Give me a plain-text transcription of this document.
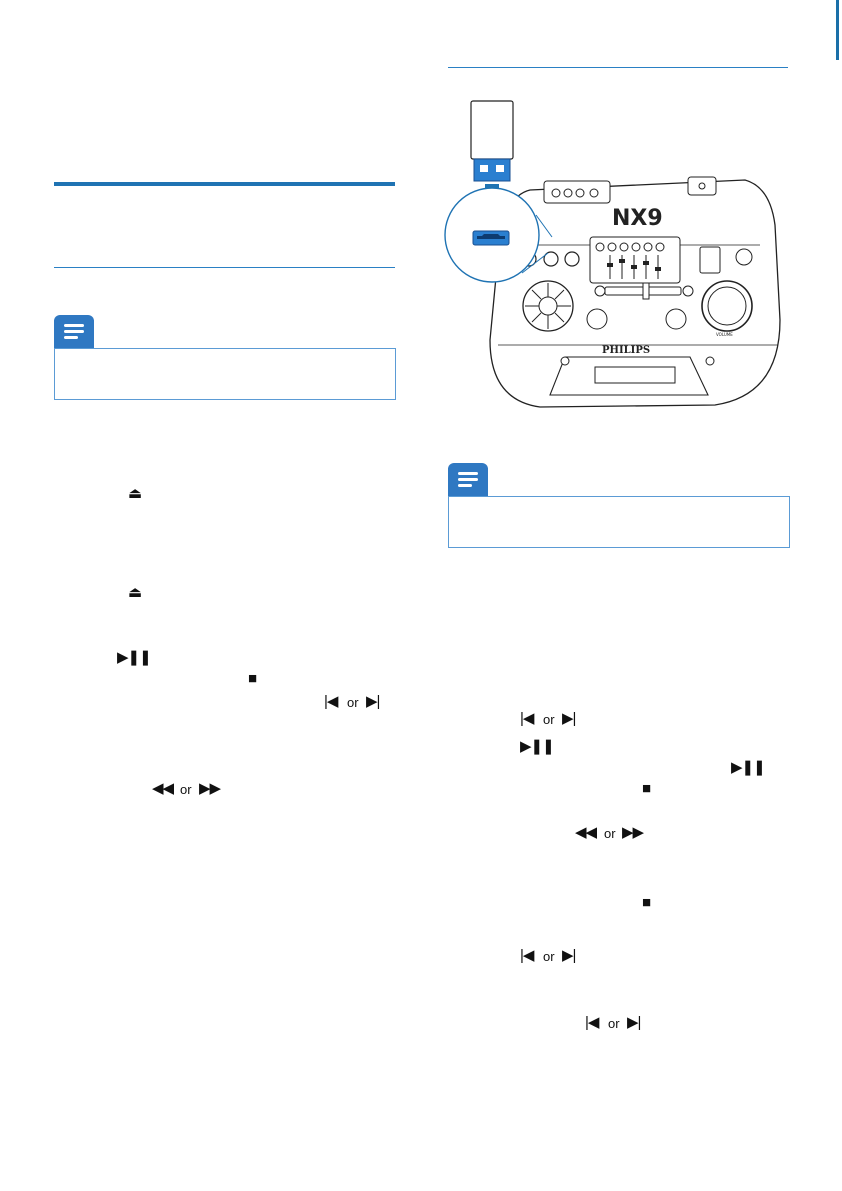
⏏
⏏
▶❚❚
■
|◀ or ▶|
◀◀ or ▶▶
NX9
VOLUME
PHILIPS
|◀ or ▶|
▶❚❚
▶❚❚
■
◀◀ or ▶▶
■
|◀ or ▶|
|◀ or ▶|
